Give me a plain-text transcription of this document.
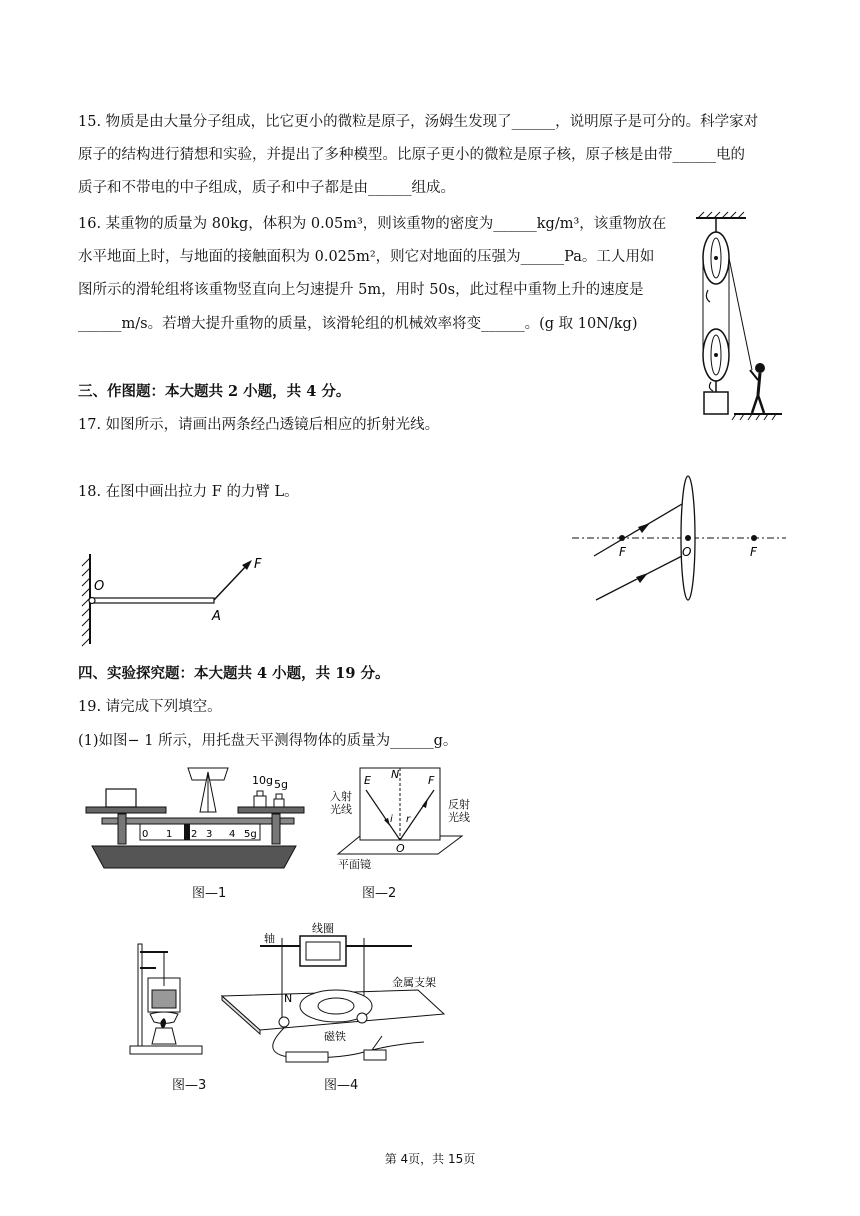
15. 物质是由大量分子组成，比它更小的微粒是原子，汤姆生发现了______，说明原子是可分的。科学家对
原子的结构进行猜想和实验，并提出了多种模型。比原子更小的微粒是原子核，原子核是由带______电的
质子和不带电的中子组成，质子和中子都是由______组成。
16. 某重物的质量为 80kg，体积为 0.05m³，则该重物的密度为______kg/m³，该重物放在
水平地面上时，与地面的接触面积为 0.025m²，则它对地面的压强为______Pa。工人用如
图所示的滑轮组将该重物竖直向上匀速提升 5m，用时 50s，此过程中重物上升的速度是
______m/s。若增大提升重物的质量，该滑轮组的机械效率将变______。(g 取 10N/kg)
三、作图题：本大题共 2 小题，共 4 分。
17. 如图所示，请画出两条经凸透镜后相应的折射光线。
18. 在图中画出拉力 F 的力臂 L。
O
A
F
F	O	F
四、实验探究题：本大题共 4 小题，共 19 分。
19. 请完成下列填空。
(1)如图− 1 所示，用托盘天平测得物体的质量为______g。
10g 5g
0 1 2 3 4 5g
图—1
E	F
N
i r
O
平面镜
入射光线	反射光线
图—2
图—3
轴
线圈
金属支架
N
磁铁
图—4
第 4页，共 15页
